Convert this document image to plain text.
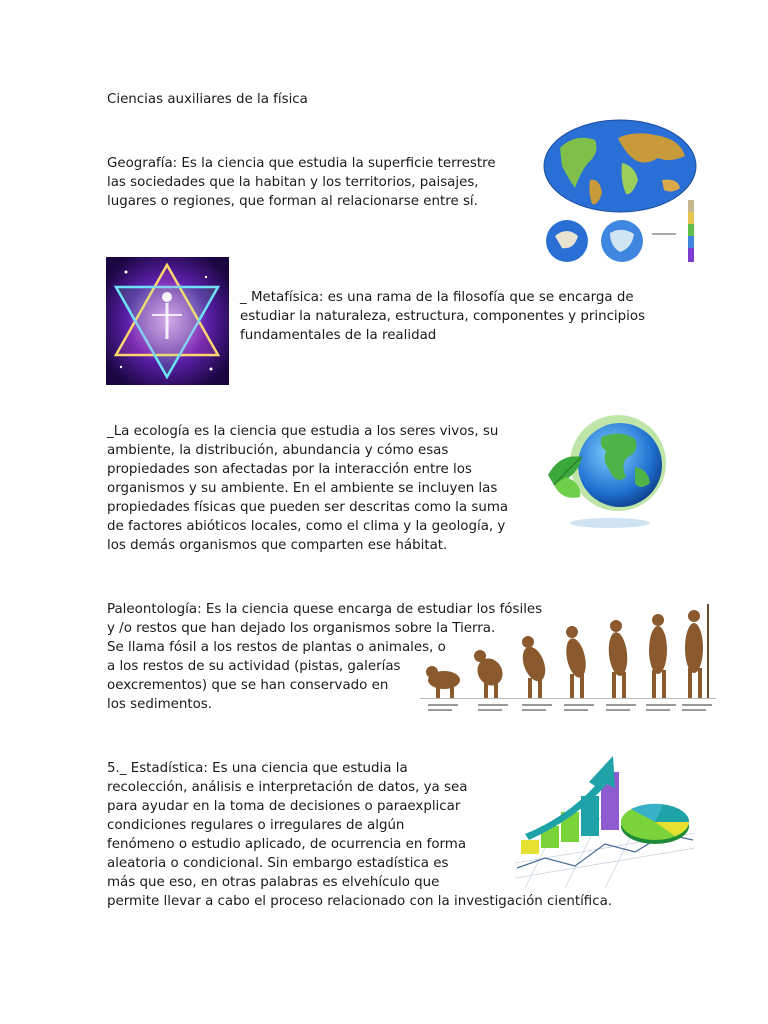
Ciencias auxiliares de la física

Geografía: Es la ciencia que estudia la superficie terrestre
las sociedades que la habitan y los territorios, paisajes,
lugares o regiones, que forman al relacionarse entre sí.

_ Metafísica: es una rama de la filosofía que se encarga de
estudiar la naturaleza, estructura, componentes y principios
fundamentales de la realidad

_La ecología es la ciencia que estudia a los seres vivos, su
ambiente, la distribución, abundancia y cómo esas
propiedades son afectadas por la interacción entre los
organismos y su ambiente. En el ambiente se incluyen las
propiedades físicas que pueden ser descritas como la suma
de factores abióticos locales, como el clima y la geología, y
los demás organismos que comparten ese hábitat.

Paleontología: Es la ciencia quese encarga de estudiar los fósiles
y /o restos que han dejado los organismos sobre la Tierra.
Se llama fósil a los restos de plantas o animales, o
a los restos de su actividad (pistas, galerías
oexcrementos) que se han conservado en
los sedimentos.

5._ Estadística: Es una ciencia que estudia la
recolección, análisis e interpretación de datos, ya sea
para ayudar en la toma de decisiones o paraexplicar
condiciones regulares o irregulares de algún
fenómeno o estudio aplicado, de ocurrencia en forma
aleatoria o condicional. Sin embargo estadística es
más que eso, en otras palabras es elvehículo que
permite llevar a cabo el proceso relacionado con la investigación científica.
